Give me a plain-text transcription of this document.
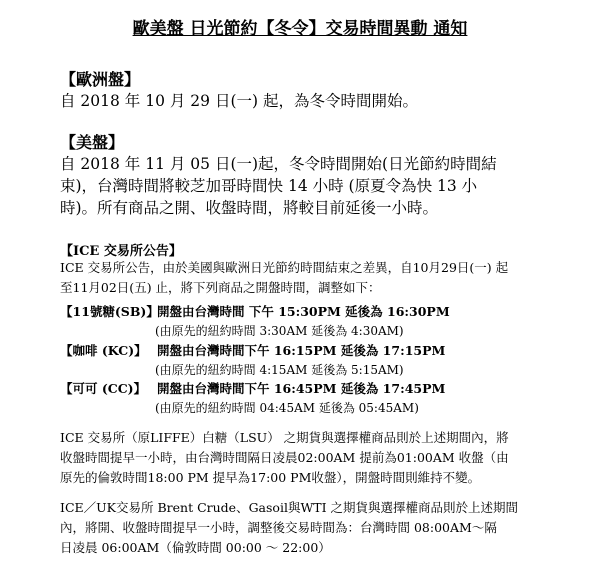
歐美盤 日光節約【冬令】交易時間異動 通知
【歐洲盤】
自 2018 年 10 月 29 日(一) 起，為冬令時間開始。
【美盤】
自 2018 年 11 月 05 日(一)起，冬令時間開始(日光節約時間結
束)，台灣時間將較芝加哥時間快 14 小時 (原夏令為快 13 小
時)。所有商品之開、收盤時間，將較目前延後一小時。
【ICE 交易所公告】
ICE 交易所公告，由於美國與歐洲日光節約時間結束之差異，自10月29日(一) 起
至11月02日(五) 止，將下列商品之開盤時間，調整如下：
【11號糖(SB)】 開盤由台灣時間 下午 15:30PM 延後為 16:30PM
(由原先的紐約時間 3:30AM 延後為 4:30AM)
【咖啡 (KC)】 開盤由台灣時間下午 16:15PM 延後為 17:15PM
(由原先的紐約時間 4:15AM 延後為 5:15AM)
【可可 (CC)】 開盤由台灣時間下午 16:45PM 延後為 17:45PM
(由原先的紐約時間 04:45AM 延後為 05:45AM)
ICE 交易所（原LIFFE）白糖（LSU） 之期貨與選擇權商品則於上述期間內，將
收盤時間提早一小時，由台灣時間隔日凌晨02:00AM 提前為01:00AM 收盤（由
原先的倫敦時間18:00 PM 提早為17:00 PM收盤），開盤時間則維持不變。
ICE／UK交易所 Brent Crude、Gasoil與WTI 之期貨與選擇權商品則於上述期間
內，將開、收盤時間提早一小時，調整後交易時間為：台灣時間 08:00AM～隔
日凌晨 06:00AM（倫敦時間 00:00 ～ 22:00）
